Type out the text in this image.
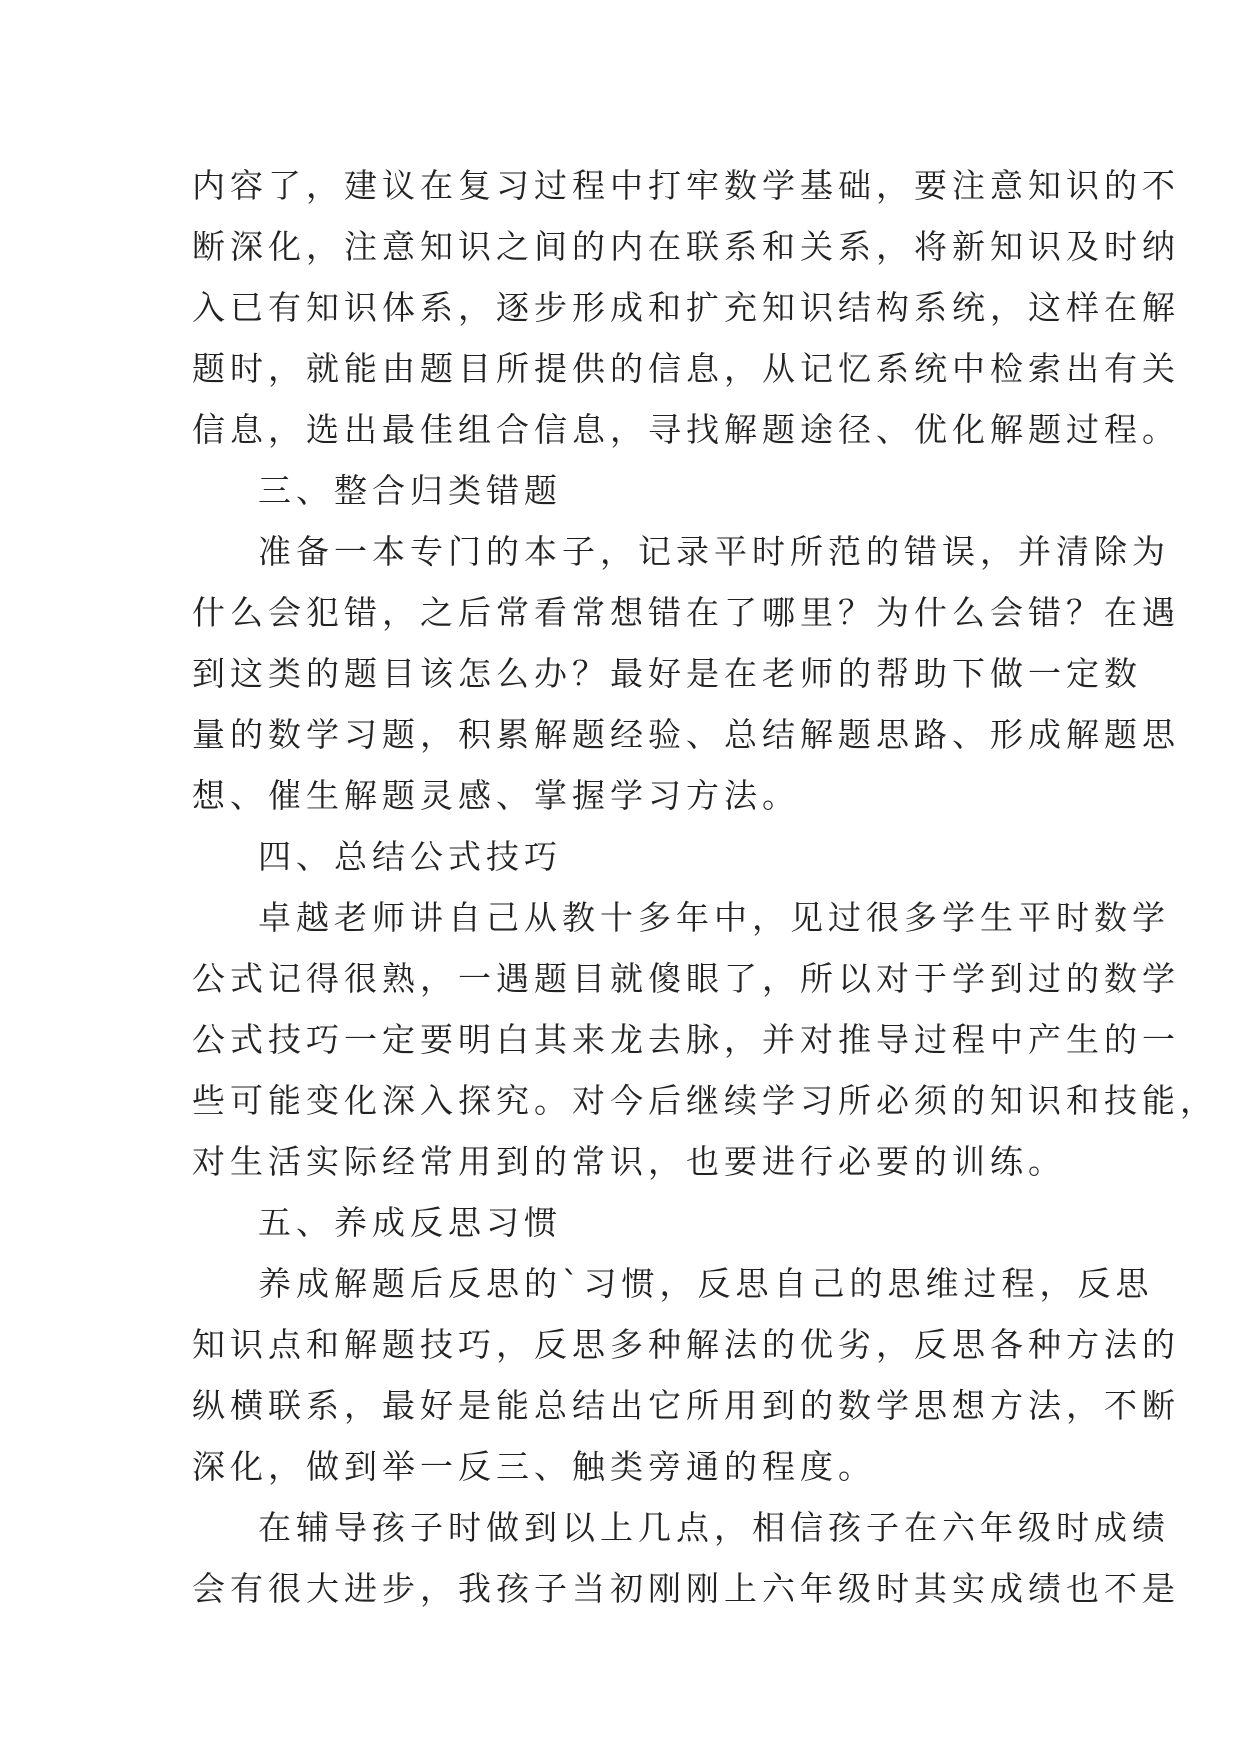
内容了，建议在复习过程中打牢数学基础，要注意知识的不

断深化，注意知识之间的内在联系和关系，将新知识及时纳

入已有知识体系，逐步形成和扩充知识结构系统，这样在解

题时，就能由题目所提供的信息，从记忆系统中检索出有关

信息，选出最佳组合信息，寻找解题途径、优化解题过程。

三、整合归类错题

准备一本专门的本子，记录平时所范的错误，并清除为

什么会犯错，之后常看常想错在了哪里？为什么会错？在遇

到这类的题目该怎么办？最好是在老师的帮助下做一定数

量的数学习题，积累解题经验、总结解题思路、形成解题思

想、催生解题灵感、掌握学习方法。

四、总结公式技巧

卓越老师讲自己从教十多年中，见过很多学生平时数学

公式记得很熟，一遇题目就傻眼了，所以对于学到过的数学

公式技巧一定要明白其来龙去脉，并对推导过程中产生的一

些可能变化深入探究。对今后继续学习所必须的知识和技能，

对生活实际经常用到的常识，也要进行必要的训练。

五、养成反思习惯

养成解题后反思的`习惯，反思自己的思维过程，反思

知识点和解题技巧，反思多种解法的优劣，反思各种方法的

纵横联系，最好是能总结出它所用到的数学思想方法，不断

深化，做到举一反三、触类旁通的程度。

在辅导孩子时做到以上几点，相信孩子在六年级时成绩

会有很大进步，我孩子当初刚刚上六年级时其实成绩也不是
